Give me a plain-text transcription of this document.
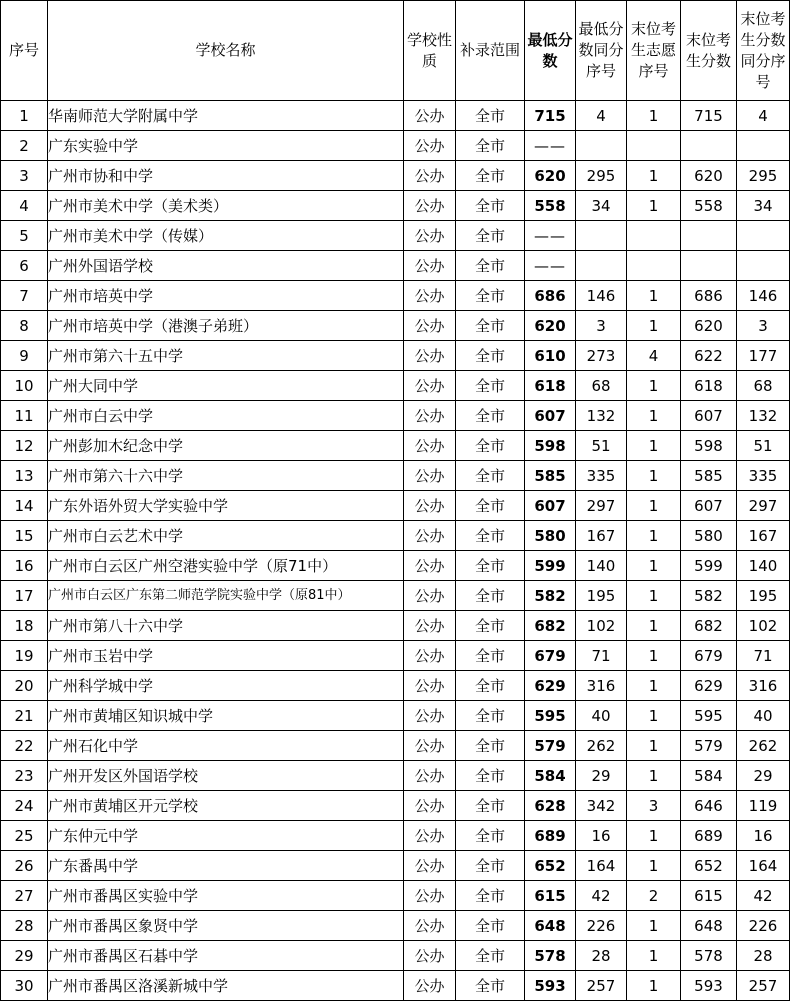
序号	学校名称	学校性质	补录范围	最低分数	最低分数同分序号	末位考生志愿序号	末位考生分数	末位考生分数同分序号
1	华南师范大学附属中学	公办	全市	715	4	1	715	4
2	广东实验中学	公办	全市	——				
3	广州市协和中学	公办	全市	620	295	1	620	295
4	广州市美术中学（美术类）	公办	全市	558	34	1	558	34
5	广州市美术中学（传媒）	公办	全市	——				
6	广州外国语学校	公办	全市	——				
7	广州市培英中学	公办	全市	686	146	1	686	146
8	广州市培英中学（港澳子弟班）	公办	全市	620	3	1	620	3
9	广州市第六十五中学	公办	全市	610	273	4	622	177
10	广州大同中学	公办	全市	618	68	1	618	68
11	广州市白云中学	公办	全市	607	132	1	607	132
12	广州彭加木纪念中学	公办	全市	598	51	1	598	51
13	广州市第六十六中学	公办	全市	585	335	1	585	335
14	广东外语外贸大学实验中学	公办	全市	607	297	1	607	297
15	广州市白云艺术中学	公办	全市	580	167	1	580	167
16	广州市白云区广州空港实验中学（原71中）	公办	全市	599	140	1	599	140
17	广州市白云区广东第二师范学院实验中学（原81中）	公办	全市	582	195	1	582	195
18	广州市第八十六中学	公办	全市	682	102	1	682	102
19	广州市玉岩中学	公办	全市	679	71	1	679	71
20	广州科学城中学	公办	全市	629	316	1	629	316
21	广州市黄埔区知识城中学	公办	全市	595	40	1	595	40
22	广州石化中学	公办	全市	579	262	1	579	262
23	广州开发区外国语学校	公办	全市	584	29	1	584	29
24	广州市黄埔区开元学校	公办	全市	628	342	3	646	119
25	广东仲元中学	公办	全市	689	16	1	689	16
26	广东番禺中学	公办	全市	652	164	1	652	164
27	广州市番禺区实验中学	公办	全市	615	42	2	615	42
28	广州市番禺区象贤中学	公办	全市	648	226	1	648	226
29	广州市番禺区石碁中学	公办	全市	578	28	1	578	28
30	广州市番禺区洛溪新城中学	公办	全市	593	257	1	593	257
